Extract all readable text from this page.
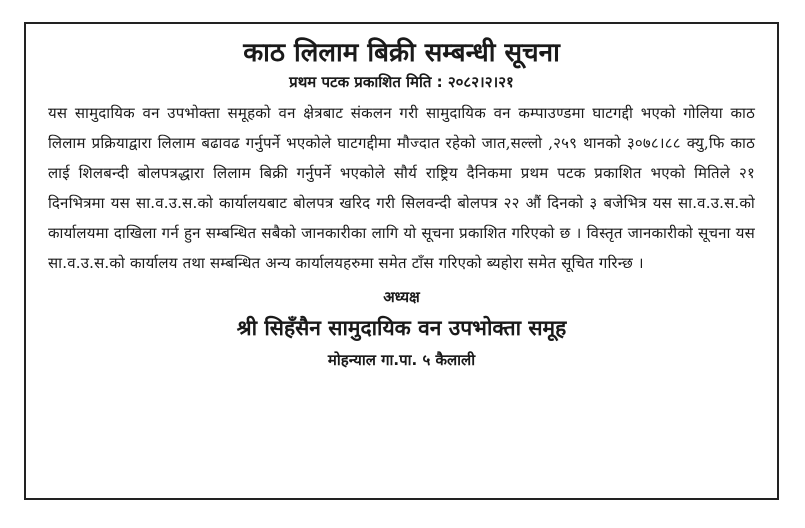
काठ लिलाम बिक्री सम्बन्धी सूचना
प्रथम पटक प्रकाशित मिति : २०८२।२।२१

यस सामुदायिक वन उपभोक्ता समूहको वन क्षेत्रबाट संकलन गरी सामुदायिक वन कम्पाउण्डमा घाटगद्दी भएको गोलिया काठ लिलाम प्रक्रियाद्वारा लिलाम बढावढ गर्नुपर्ने भएकोले घाटगद्दीमा मौज्दात रहेको जात,सल्लो ,२५९ थानको ३०७८।८८ क्यु,फि काठ लाई शिलबन्दी बोलपत्रद्धारा लिलाम बिक्री गर्नुपर्ने भएकोले सौर्य राष्ट्रिय दैनिकमा प्रथम पटक प्रकाशित भएको मितिले २१ दिनभित्रमा यस सा.व.उ.स.को कार्यालयबाट बोलपत्र खरिद गरी सिलवन्दी बोलपत्र २२ औं दिनको ३ बजेभित्र यस सा.व.उ.स.को कार्यालयमा दाखिला गर्न हुन सम्बन्धित सबैको जानकारीका लागि यो सूचना प्रकाशित गरिएको छ । विस्तृत जानकारीको सूचना यस सा.व.उ.स.को कार्यालय तथा सम्बन्धित अन्य कार्यालयहरुमा समेत टाँस गरिएको ब्यहोरा समेत सूचित गरिन्छ ।

अध्यक्ष
श्री सिहँसैन सामुदायिक वन उपभोक्ता समूह
मोहन्याल गा.पा. ५ कैलाली
